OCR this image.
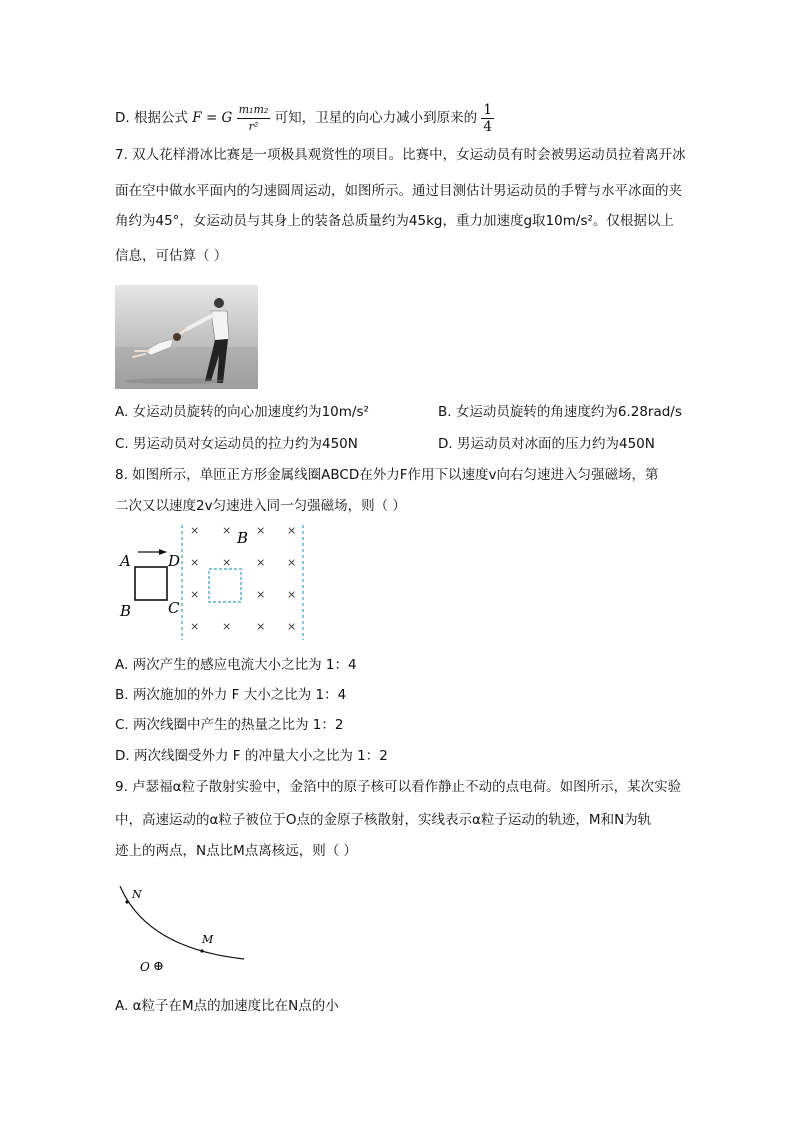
D. 根据公式 F = G $\frac{\text{m₁m₂}}{\text{r²}}$ 可知，卫星的向心力减小到原来的 $\frac{1}{4}$
7. 双人花样滑冰比赛是一项极具观赏性的项目。比赛中，女运动员有时会被男运动员拉着离开冰
面在空中做水平面内的匀速圆周运动，如图所示。通过目测估计男运动员的手臂与水平冰面的夹
角约为45°，女运动员与其身上的装备总质量约为45kg，重力加速度g取10m/s²。仅根据以上
信息，可估算（ ）
A. 女运动员旋转的向心加速度约为10m/s²	B. 女运动员旋转的角速度约为6.28rad/s
C. 男运动员对女运动员的拉力约为450N	D. 男运动员对冰面的压力约为450N
8. 如图所示，单匝正方形金属线圈ABCD在外力F作用下以速度v向右匀速进入匀强磁场，第
二次又以速度2v匀速进入同一匀强磁场，则（ ）
A D
C
B
B
× × × ×
× × × ×
×	× ×
× × × ×
A. 两次产生的感应电流大小之比为 1：4
B. 两次施加的外力 F 大小之比为 1：4
C. 两次线圈中产生的热量之比为 1：2
D. 两次线圈受外力 F 的冲量大小之比为 1：2
9. 卢瑟福α粒子散射实验中，金箔中的原子核可以看作静止不动的点电荷。如图所示，某次实验
中，高速运动的α粒子被位于O点的金原子核散射，实线表示α粒子运动的轨迹，M和N为轨
迹上的两点，N点比M点离核远，则（ ）
N
M
O ⊕
A. α粒子在M点的加速度比在N点的小
